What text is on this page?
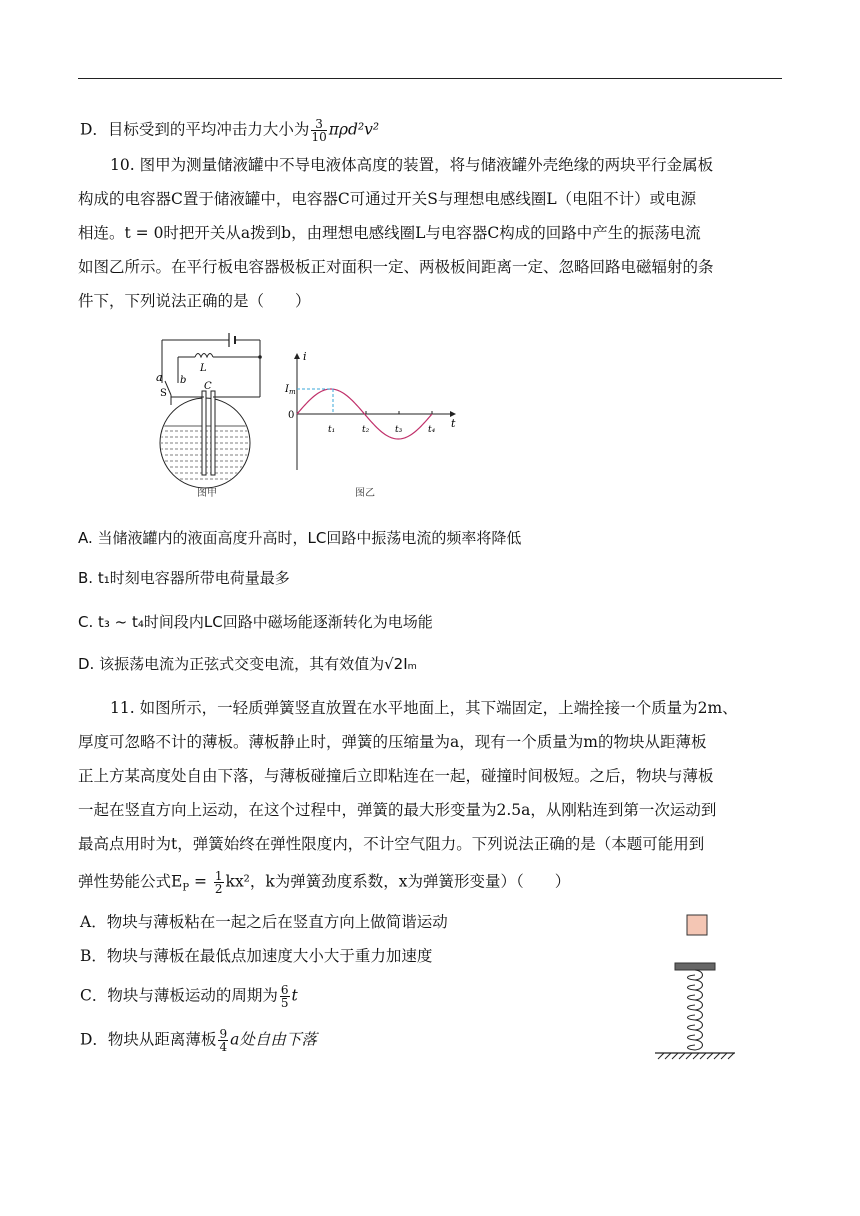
D．目标受到的平均冲击力大小为 $\frac{3}{10} \pi\rho d^2v^2$
10. 图甲为测量储液罐中不导电液体高度的装置，将与储液罐外壳绝缘的两块平行金属板
构成的电容器C置于储液罐中，电容器C可通过开关S与理想电感线圈L（电阻不计）或电源
相连。t = 0时把开关从a拨到b，由理想电感线圈L与电容器C构成的回路中产生的振荡电流
如图乙所示。在平行板电容器极板正对面积一定、两极板间距离一定、忽略回路电磁辐射的条
件下，下列说法正确的是（　　）
a b
S
L
C
图甲
i
t
$I_m$
0
t₁	t₂	t₃	t₄
图乙
A. 当储液罐内的液面高度升高时，LC回路中振荡电流的频率将降低
B. t₁时刻电容器所带电荷量最多
C. t₃ ~ t₄时间段内LC回路中磁场能逐渐转化为电场能
D. 该振荡电流为正弦式交变电流，其有效值为√2Iₘ
11. 如图所示，一轻质弹簧竖直放置在水平地面上，其下端固定，上端拴接一个质量为2m、
厚度可忽略不计的薄板。薄板静止时，弹簧的压缩量为a，现有一个质量为m的物块从距薄板
正上方某高度处自由下落，与薄板碰撞后立即粘连在一起，碰撞时间极短。之后，物块与薄板
一起在竖直方向上运动，在这个过程中，弹簧的最大形变量为2.5a，从刚粘连到第一次运动到
最高点用时为t，弹簧始终在弹性限度内，不计空气阻力。下列说法正确的是（本题可能用到
弹性势能公式$E_P = \frac{1}{2} kx^2$，k为弹簧劲度系数，x为弹簧形变量）（　　）
A．物块与薄板粘在一起之后在竖直方向上做简谐运动
B．物块与薄板在最低点加速度大小大于重力加速度
C．物块与薄板运动的周期为 $\frac{6}{5}$ t
D．物块从距离薄板 $\frac{9}{4}$ a处自由下落
